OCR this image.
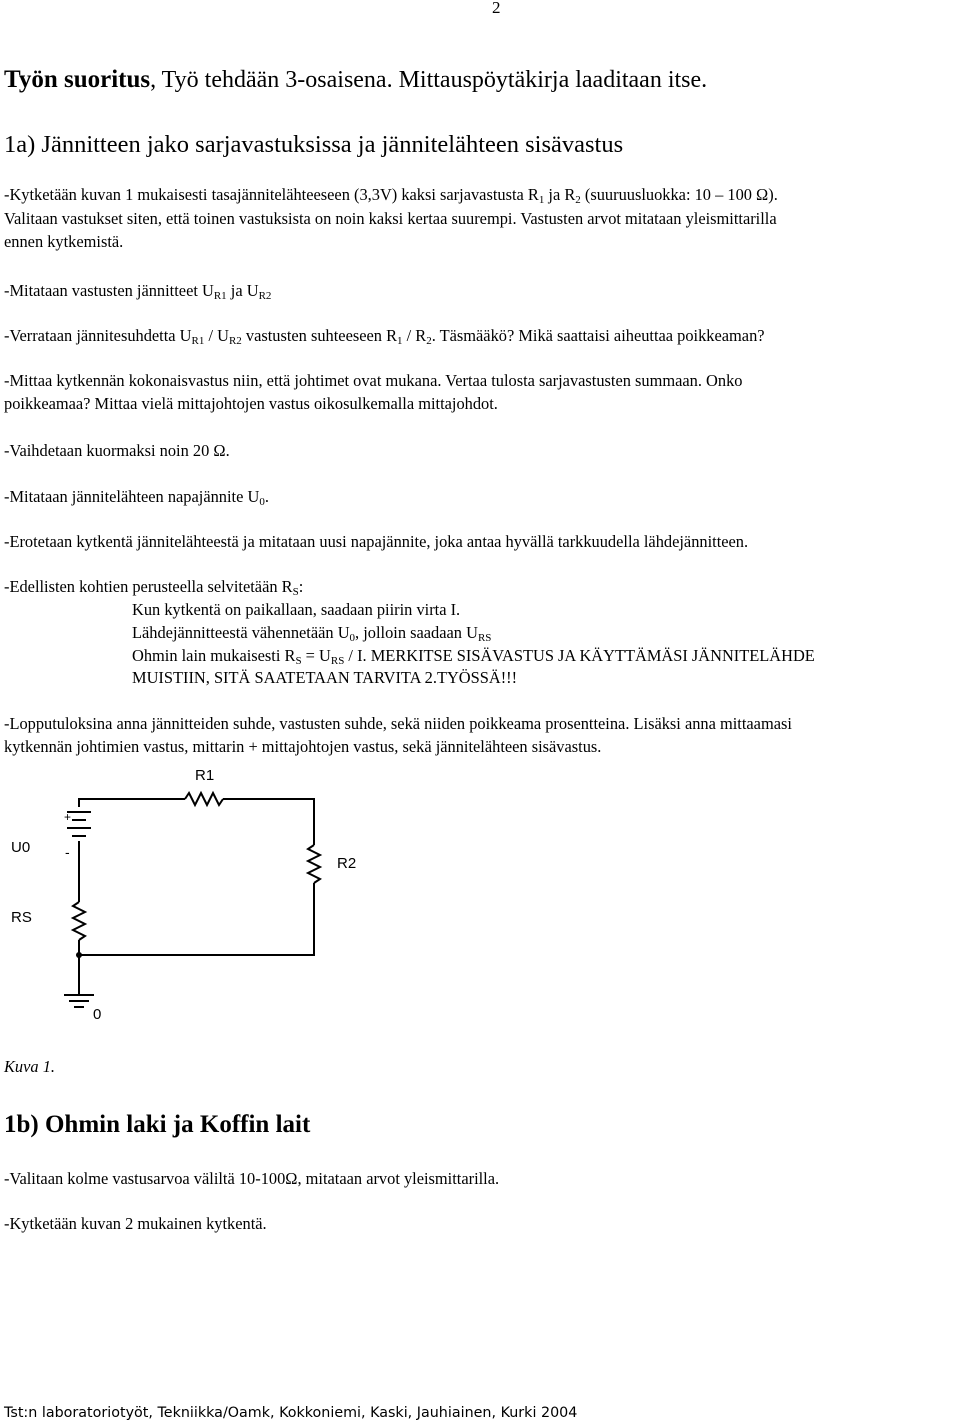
2
Työn suoritus, Työ tehdään 3-osaisena. Mittauspöytäkirja laaditaan itse.
1a) Jännitteen jako sarjavastuksissa ja jännitelähteen sisävastus
-Kytketään kuvan 1 mukaisesti tasajännitelähteeseen (3,3V) kaksi sarjavastusta $R_1$ ja $R_2$ (suuruusluokka: 10 – 100 Ω).
Valitaan vastukset siten, että toinen vastuksista on noin kaksi kertaa suurempi. Vastusten arvot mitataan yleismittarilla
ennen kytkemistä.
-Mitataan vastusten jännitteet $U_{R1}$ ja $U_{R2}$
-Verrataan jännitesuhdetta $U_{R1} / U_{R2}$ vastusten suhteeseen $R_1 / R_2$. Täsmääkö? Mikä saattaisi aiheuttaa poikkeaman?
-Mittaa kytkennän kokonaisvastus niin, että johtimet ovat mukana. Vertaa tulosta sarjavastusten summaan. Onko
poikkeamaa? Mittaa vielä mittajohtojen vastus oikosulkemalla mittajohdot.
-Vaihdetaan kuormaksi noin 20 Ω.
-Mitataan jännitelähteen napajännite $U_0$.
-Erotetaan kytkentä jännitelähteestä ja mitataan uusi napajännite, joka antaa hyvällä tarkkuudella lähdejännitteen.
-Edellisten kohtien perusteella selvitetään $R_S$:
Kun kytkentä on paikallaan, saadaan piirin virta I.
Lähdejännitteestä vähennetään $U_0$, jolloin saadaan $U_{RS}$
Ohmin lain mukaisesti $R_S = U_{RS} / I$. MERKITSE SISÄVASTUS JA KÄYTTÄMÄSI JÄNNITELÄHDE
MUISTIIN, SITÄ SAATETAAN TARVITA 2.TYÖSSÄ!!!
-Lopputuloksina anna jännitteiden suhde, vastusten suhde, sekä niiden poikkeama prosentteina. Lisäksi anna mittaamasi
kytkennän johtimien vastus, mittarin + mittajohtojen vastus, sekä jännitelähteen sisävastus.
R1
U0
R2
RS
0
+
-
Kuva 1.
1b) Ohmin laki ja Koffin lait
-Valitaan kolme vastusarvoa väliltä 10-100Ω, mitataan arvot yleismittarilla.
-Kytketään kuvan 2 mukainen kytkentä.
Tst:n laboratoriotyöt, Tekniikka/Oamk, Kokkoniemi, Kaski, Jauhiainen, Kurki 2004
